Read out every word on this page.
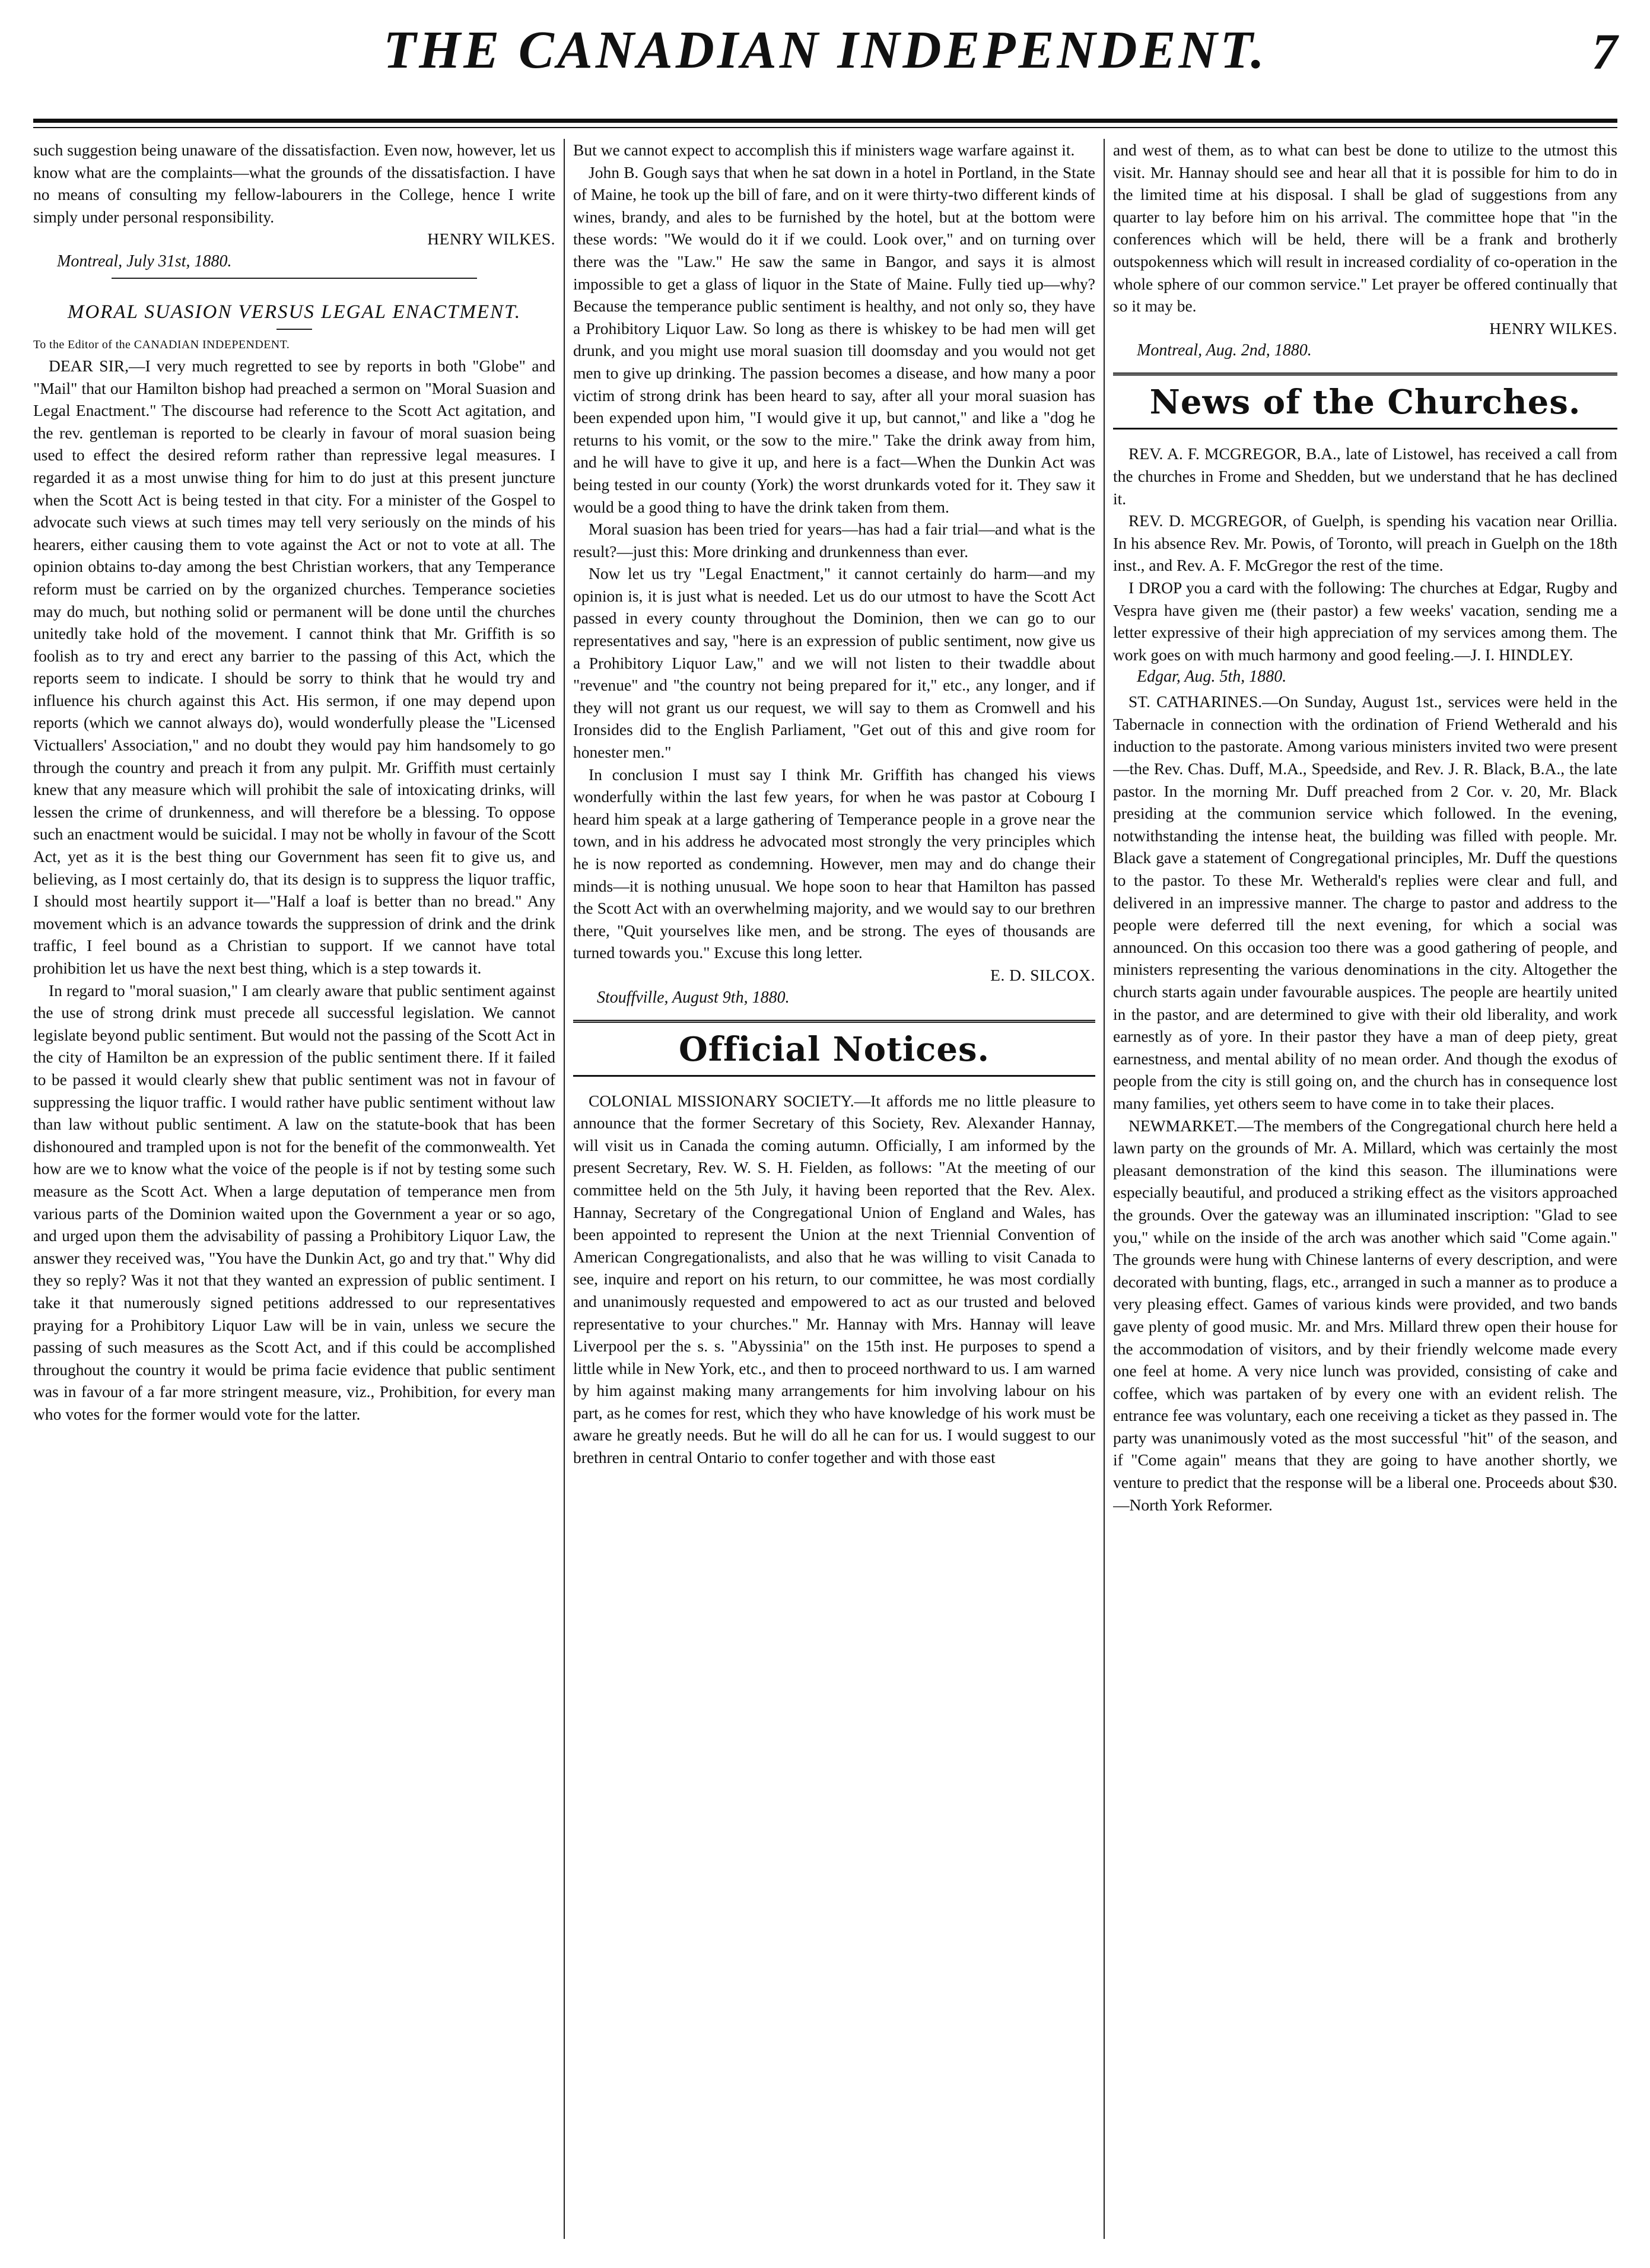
THE CANADIAN INDEPENDENT.	7

such suggestion being unaware of the dissatisfaction. Even now, however, let us know what are the complaints—what the grounds of the dissatisfaction. I have no means of consulting my fellow-labourers in the College, hence I write simply under personal responsibility.

HENRY WILKES.

Montreal, July 31st, 1880.

MORAL SUASION VERSUS LEGAL ENACTMENT.

To the Editor of the CANADIAN INDEPENDENT.

DEAR SIR,—I very much regretted to see by reports in both "Globe" and "Mail" that our Hamilton bishop had preached a sermon on "Moral Suasion and Legal Enactment." The discourse had reference to the Scott Act agitation, and the rev. gentleman is reported to be clearly in favour of moral suasion being used to effect the desired reform rather than repressive legal measures. I regarded it as a most unwise thing for him to do just at this present juncture when the Scott Act is being tested in that city. For a minister of the Gospel to advocate such views at such times may tell very seriously on the minds of his hearers, either causing them to vote against the Act or not to vote at all. The opinion obtains to-day among the best Christian workers, that any Temperance reform must be carried on by the organized churches. Temperance societies may do much, but nothing solid or permanent will be done until the churches unitedly take hold of the movement. I cannot think that Mr. Griffith is so foolish as to try and erect any barrier to the passing of this Act, which the reports seem to indicate. I should be sorry to think that he would try and influence his church against this Act. His sermon, if one may depend upon reports (which we cannot always do), would wonderfully please the "Licensed Victuallers' Association," and no doubt they would pay him handsomely to go through the country and preach it from any pulpit. Mr. Griffith must certainly knew that any measure which will prohibit the sale of intoxicating drinks, will lessen the crime of drunkenness, and will therefore be a blessing. To oppose such an enactment would be suicidal. I may not be wholly in favour of the Scott Act, yet as it is the best thing our Government has seen fit to give us, and believing, as I most certainly do, that its design is to suppress the liquor traffic, I should most heartily support it—"Half a loaf is better than no bread." Any movement which is an advance towards the suppression of drink and the drink traffic, I feel bound as a Christian to support. If we cannot have total prohibition let us have the next best thing, which is a step towards it.

In regard to "moral suasion," I am clearly aware that public sentiment against the use of strong drink must precede all successful legislation. We cannot legislate beyond public sentiment. But would not the passing of the Scott Act in the city of Hamilton be an expression of the public sentiment there. If it failed to be passed it would clearly shew that public sentiment was not in favour of suppressing the liquor traffic. I would rather have public sentiment without law than law without public sentiment. A law on the statute-book that has been dishonoured and trampled upon is not for the benefit of the commonwealth. Yet how are we to know what the voice of the people is if not by testing some such measure as the Scott Act. When a large deputation of temperance men from various parts of the Dominion waited upon the Government a year or so ago, and urged upon them the advisability of passing a Prohibitory Liquor Law, the answer they received was, "You have the Dunkin Act, go and try that." Why did they so reply? Was it not that they wanted an expression of public sentiment. I take it that numerously signed petitions addressed to our representatives praying for a Prohibitory Liquor Law will be in vain, unless we secure the passing of such measures as the Scott Act, and if this could be accomplished throughout the country it would be prima facie evidence that public sentiment was in favour of a far more stringent measure, viz., Prohibition, for every man who votes for the former would vote for the latter.

But we cannot expect to accomplish this if ministers wage warfare against it.

John B. Gough says that when he sat down in a hotel in Portland, in the State of Maine, he took up the bill of fare, and on it were thirty-two different kinds of wines, brandy, and ales to be furnished by the hotel, but at the bottom were these words: "We would do it if we could. Look over," and on turning over there was the "Law." He saw the same in Bangor, and says it is almost impossible to get a glass of liquor in the State of Maine. Fully tied up—why? Because the temperance public sentiment is healthy, and not only so, they have a Prohibitory Liquor Law. So long as there is whiskey to be had men will get drunk, and you might use moral suasion till doomsday and you would not get men to give up drinking. The passion becomes a disease, and how many a poor victim of strong drink has been heard to say, after all your moral suasion has been expended upon him, "I would give it up, but cannot," and like a "dog he returns to his vomit, or the sow to the mire." Take the drink away from him, and he will have to give it up, and here is a fact—When the Dunkin Act was being tested in our county (York) the worst drunkards voted for it. They saw it would be a good thing to have the drink taken from them.

Moral suasion has been tried for years—has had a fair trial—and what is the result?—just this: More drinking and drunkenness than ever.

Now let us try "Legal Enactment," it cannot certainly do harm—and my opinion is, it is just what is needed. Let us do our utmost to have the Scott Act passed in every county throughout the Dominion, then we can go to our representatives and say, "here is an expression of public sentiment, now give us a Prohibitory Liquor Law," and we will not listen to their twaddle about "revenue" and "the country not being prepared for it," etc., any longer, and if they will not grant us our request, we will say to them as Cromwell and his Ironsides did to the English Parliament, "Get out of this and give room for honester men."

In conclusion I must say I think Mr. Griffith has changed his views wonderfully within the last few years, for when he was pastor at Cobourg I heard him speak at a large gathering of Temperance people in a grove near the town, and in his address he advocated most strongly the very principles which he is now reported as condemning. However, men may and do change their minds—it is nothing unusual. We hope soon to hear that Hamilton has passed the Scott Act with an overwhelming majority, and we would say to our brethren there, "Quit yourselves like men, and be strong. The eyes of thousands are turned towards you." Excuse this long letter.

E. D. SILCOX.

Stouffville, August 9th, 1880.

Official Notices.

COLONIAL MISSIONARY SOCIETY.—It affords me no little pleasure to announce that the former Secretary of this Society, Rev. Alexander Hannay, will visit us in Canada the coming autumn. Officially, I am informed by the present Secretary, Rev. W. S. H. Fielden, as follows: "At the meeting of our committee held on the 5th July, it having been reported that the Rev. Alex. Hannay, Secretary of the Congregational Union of England and Wales, has been appointed to represent the Union at the next Triennial Convention of American Congregationalists, and also that he was willing to visit Canada to see, inquire and report on his return, to our committee, he was most cordially and unanimously requested and empowered to act as our trusted and beloved representative to your churches." Mr. Hannay with Mrs. Hannay will leave Liverpool per the s. s. "Abyssinia" on the 15th inst. He purposes to spend a little while in New York, etc., and then to proceed northward to us. I am warned by him against making many arrangements for him involving labour on his part, as he comes for rest, which they who have knowledge of his work must be aware he greatly needs. But he will do all he can for us. I would suggest to our brethren in central Ontario to confer together and with those east

and west of them, as to what can best be done to utilize to the utmost this visit. Mr. Hannay should see and hear all that it is possible for him to do in the limited time at his disposal. I shall be glad of suggestions from any quarter to lay before him on his arrival. The committee hope that "in the conferences which will be held, there will be a frank and brotherly outspokenness which will result in increased cordiality of co-operation in the whole sphere of our common service." Let prayer be offered continually that so it may be.

HENRY WILKES.

Montreal, Aug. 2nd, 1880.

News of the Churches.

REV. A. F. MCGREGOR, B.A., late of Listowel, has received a call from the churches in Frome and Shedden, but we understand that he has declined it.

REV. D. MCGREGOR, of Guelph, is spending his vacation near Orillia. In his absence Rev. Mr. Powis, of Toronto, will preach in Guelph on the 18th inst., and Rev. A. F. McGregor the rest of the time.

I DROP you a card with the following: The churches at Edgar, Rugby and Vespra have given me (their pastor) a few weeks' vacation, sending me a letter expressive of their high appreciation of my services among them. The work goes on with much harmony and good feeling.—J. I. HINDLEY.

Edgar, Aug. 5th, 1880.

ST. CATHARINES.—On Sunday, August 1st., services were held in the Tabernacle in connection with the ordination of Friend Wetherald and his induction to the pastorate. Among various ministers invited two were present—the Rev. Chas. Duff, M.A., Speedside, and Rev. J. R. Black, B.A., the late pastor. In the morning Mr. Duff preached from 2 Cor. v. 20, Mr. Black presiding at the communion service which followed. In the evening, notwithstanding the intense heat, the building was filled with people. Mr. Black gave a statement of Congregational principles, Mr. Duff the questions to the pastor. To these Mr. Wetherald's replies were clear and full, and delivered in an impressive manner. The charge to pastor and address to the people were deferred till the next evening, for which a social was announced. On this occasion too there was a good gathering of people, and ministers representing the various denominations in the city. Altogether the church starts again under favourable auspices. The people are heartily united in the pastor, and are determined to give with their old liberality, and work earnestly as of yore. In their pastor they have a man of deep piety, great earnestness, and mental ability of no mean order. And though the exodus of people from the city is still going on, and the church has in consequence lost many families, yet others seem to have come in to take their places.

NEWMARKET.—The members of the Congregational church here held a lawn party on the grounds of Mr. A. Millard, which was certainly the most pleasant demonstration of the kind this season. The illuminations were especially beautiful, and produced a striking effect as the visitors approached the grounds. Over the gateway was an illuminated inscription: "Glad to see you," while on the inside of the arch was another which said "Come again." The grounds were hung with Chinese lanterns of every description, and were decorated with bunting, flags, etc., arranged in such a manner as to produce a very pleasing effect. Games of various kinds were provided, and two bands gave plenty of good music. Mr. and Mrs. Millard threw open their house for the accommodation of visitors, and by their friendly welcome made every one feel at home. A very nice lunch was provided, consisting of cake and coffee, which was partaken of by every one with an evident relish. The entrance fee was voluntary, each one receiving a ticket as they passed in. The party was unanimously voted as the most successful "hit" of the season, and if "Come again" means that they are going to have another shortly, we venture to predict that the response will be a liberal one. Proceeds about $30.—North York Reformer.
